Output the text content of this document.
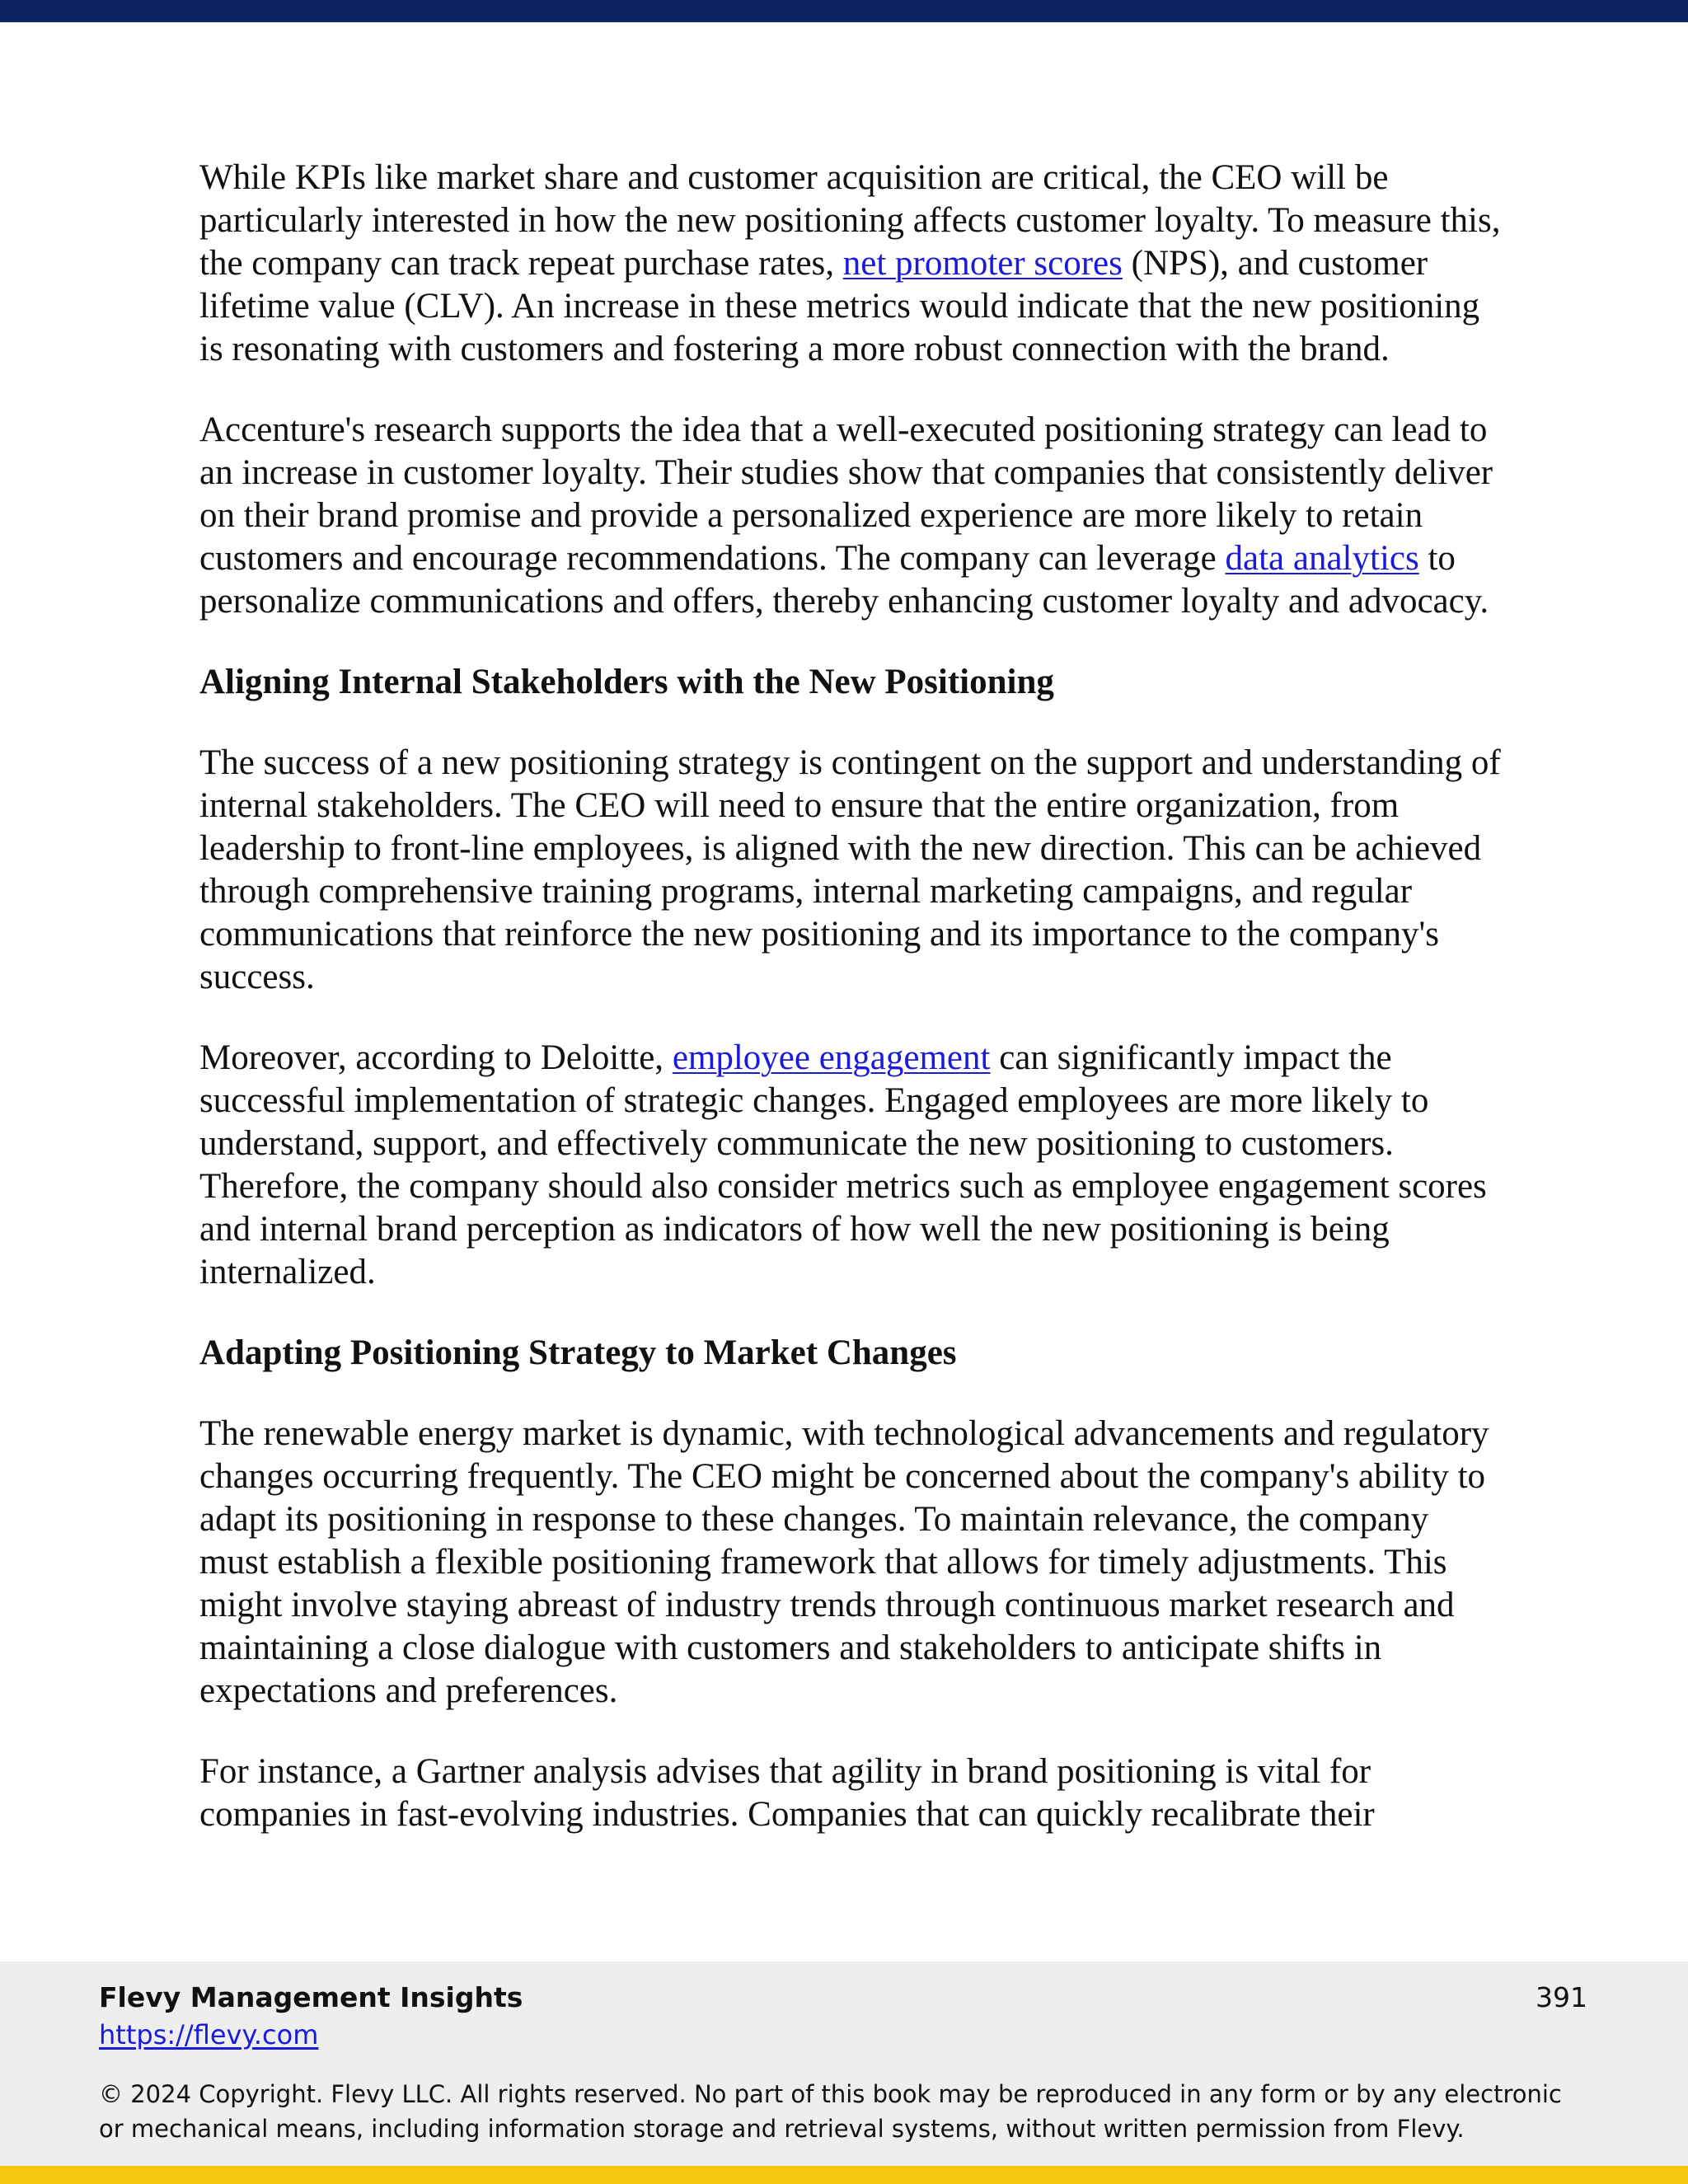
While KPIs like market share and customer acquisition are critical, the CEO will be particularly interested in how the new positioning affects customer loyalty. To measure this, the company can track repeat purchase rates, net promoter scores (NPS), and customer lifetime value (CLV). An increase in these metrics would indicate that the new positioning is resonating with customers and fostering a more robust connection with the brand.

Accenture's research supports the idea that a well-executed positioning strategy can lead to an increase in customer loyalty. Their studies show that companies that consistently deliver on their brand promise and provide a personalized experience are more likely to retain customers and encourage recommendations. The company can leverage data analytics to personalize communications and offers, thereby enhancing customer loyalty and advocacy.

Aligning Internal Stakeholders with the New Positioning

The success of a new positioning strategy is contingent on the support and understanding of internal stakeholders. The CEO will need to ensure that the entire organization, from leadership to front-line employees, is aligned with the new direction. This can be achieved through comprehensive training programs, internal marketing campaigns, and regular communications that reinforce the new positioning and its importance to the company's success.

Moreover, according to Deloitte, employee engagement can significantly impact the successful implementation of strategic changes. Engaged employees are more likely to understand, support, and effectively communicate the new positioning to customers. Therefore, the company should also consider metrics such as employee engagement scores and internal brand perception as indicators of how well the new positioning is being internalized.

Adapting Positioning Strategy to Market Changes

The renewable energy market is dynamic, with technological advancements and regulatory changes occurring frequently. The CEO might be concerned about the company's ability to adapt its positioning in response to these changes. To maintain relevance, the company must establish a flexible positioning framework that allows for timely adjustments. This might involve staying abreast of industry trends through continuous market research and maintaining a close dialogue with customers and stakeholders to anticipate shifts in expectations and preferences.

For instance, a Gartner analysis advises that agility in brand positioning is vital for companies in fast-evolving industries. Companies that can quickly recalibrate their

Flevy Management Insights
https://flevy.com
391
© 2024 Copyright. Flevy LLC. All rights reserved. No part of this book may be reproduced in any form or by any electronic or mechanical means, including information storage and retrieval systems, without written permission from Flevy.
